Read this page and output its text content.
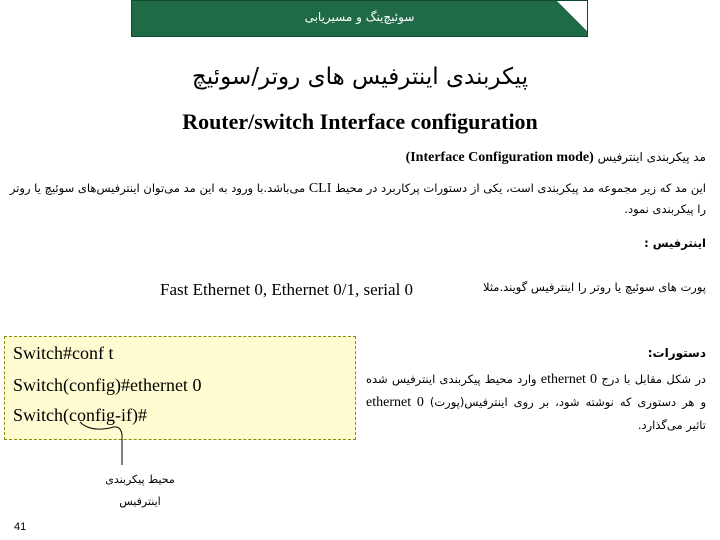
سوئیچ‌ینگ و مسیریابی
پیکربندی اینترفیس های روتر/سوئیچ
Router/switch Interface configuration
مد پیکربندی اینترفیس (Interface Configuration mode)
این مد که زیر مجموعه مد پیکربندی است، یکی از دستورات پرکاربرد در محیط CLI می‌باشد.با ورود به این مد می‌توان اینترفیس‌های سوئیچ یا روتر را پیکربندی نمود.
اینترفیس :
پورت های سوئیچ یا روتر را اینترفیس گویند.مثلا
Fast Ethernet 0, Ethernet 0/1, serial 0
Switch#conf t
Switch(config)#ethernet 0
Switch(config-if)#
محیط پیکربندی
اینترفیس
دستورات:
در شکل مقابل با درج ethernet 0 وارد محیط پیکربندی اینترفیس شده و هر دستوری که نوشته شود، بر روی اینترفیس(پورت) ethernet 0 تاثیر می‌گذارد.
41
